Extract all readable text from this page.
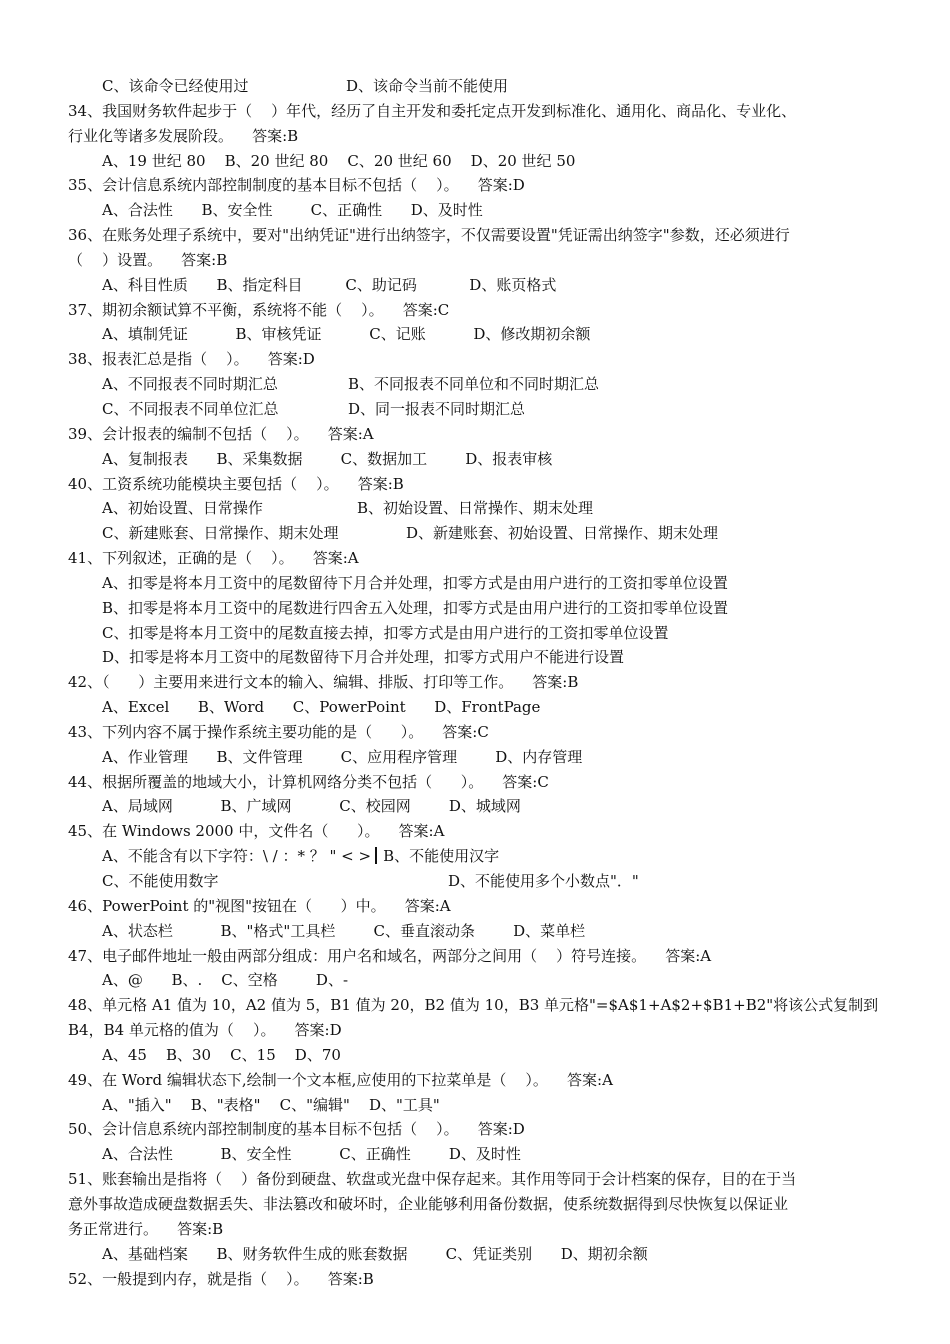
C、该命令已经使用过	D、该命令当前不能使用
34、我国财务软件起步于（    ）年代，经历了自主开发和委托定点开发到标准化、通用化、商品化、专业化、
行业化等诸多发展阶段。    答案:B
A、19 世纪 80    B、20 世纪 80    C、20 世纪 60    D、20 世纪 50
35、会计信息系统内部控制制度的基本目标不包括（    ）。    答案:D
A、合法性      B、安全性        C、正确性      D、及时性
36、在账务处理子系统中，要对"出纳凭证"进行出纳签字，不仅需要设置"凭证需出纳签字"参数，还必须进行
（    ）设置。    答案:B
A、科目性质      B、指定科目         C、助记码           D、账页格式
37、期初余额试算不平衡，系统将不能（    ）。    答案:C
A、填制凭证          B、审核凭证          C、记账          D、修改期初余额
38、报表汇总是指（    ）。    答案:D
A、不同报表不同时期汇总	B、不同报表不同单位和不同时期汇总
C、不同报表不同单位汇总	D、同一报表不同时期汇总
39、会计报表的编制不包括（    ）。    答案:A
A、复制报表      B、采集数据        C、数据加工        D、报表审核
40、工资系统功能模块主要包括（    ）。    答案:B
A、初始设置、日常操作	B、初始设置、日常操作、期末处理
C、新建账套、日常操作、期末处理	D、新建账套、初始设置、日常操作、期末处理
41、下列叙述，正确的是（    ）。    答案:A
A、扣零是将本月工资中的尾数留待下月合并处理，扣零方式是由用户进行的工资扣零单位设置
B、扣零是将本月工资中的尾数进行四舍五入处理，扣零方式是由用户进行的工资扣零单位设置
C、扣零是将本月工资中的尾数直接去掉，扣零方式是由用户进行的工资扣零单位设置
D、扣零是将本月工资中的尾数留待下月合并处理，扣零方式用户不能进行设置
42、（      ）主要用来进行文本的输入、编辑、排版、打印等工作。    答案:B
A、Excel      B、Word      C、PowerPoint      D、FrontPage
43、下列内容不属于操作系统主要功能的是（      ）。    答案:C
A、作业管理      B、文件管理        C、应用程序管理        D、内存管理
44、根据所覆盖的地域大小，计算机网络分类不包括（      ）。    答案:C
A、局域网          B、广域网          C、校园网        D、城域网
45、在 Windows 2000 中，文件名（      ）。    答案:A
A、不能含有以下字符：\ / ：* ？ " < > B、不能使用汉字
C、不能使用数字	D、不能使用多个小数点"．"
46、PowerPoint 的"视图"按钮在（      ）中。    答案:A
A、状态栏          B、"格式"工具栏        C、垂直滚动条        D、菜单栏
47、电子邮件地址一般由两部分组成：用户名和域名，两部分之间用（    ）符号连接。    答案:A
A、@      B、.    C、空格        D、-
48、单元格 A1 值为 10，A2 值为 5，B1 值为 20，B2 值为 10，B3 单元格"=$A$1+A$2+$B1+B2"将该公式复制到
B4，B4 单元格的值为（    ）。    答案:D
A、45    B、30    C、15    D、70
49、在 Word 编辑状态下,绘制一个文本框,应使用的下拉菜单是（    ）。    答案:A
A、"插入"    B、"表格"    C、"编辑"    D、"工具"
50、会计信息系统内部控制制度的基本目标不包括（    ）。    答案:D
A、合法性          B、安全性          C、正确性        D、及时性
51、账套输出是指将（    ）备份到硬盘、软盘或光盘中保存起来。其作用等同于会计档案的保存，目的在于当
意外事故造成硬盘数据丢失、非法篡改和破坏时，企业能够利用备份数据，使系统数据得到尽快恢复以保证业
务正常进行。    答案:B
A、基础档案      B、财务软件生成的账套数据        C、凭证类别      D、期初余额
52、一般提到内存，就是指（    ）。    答案:B
